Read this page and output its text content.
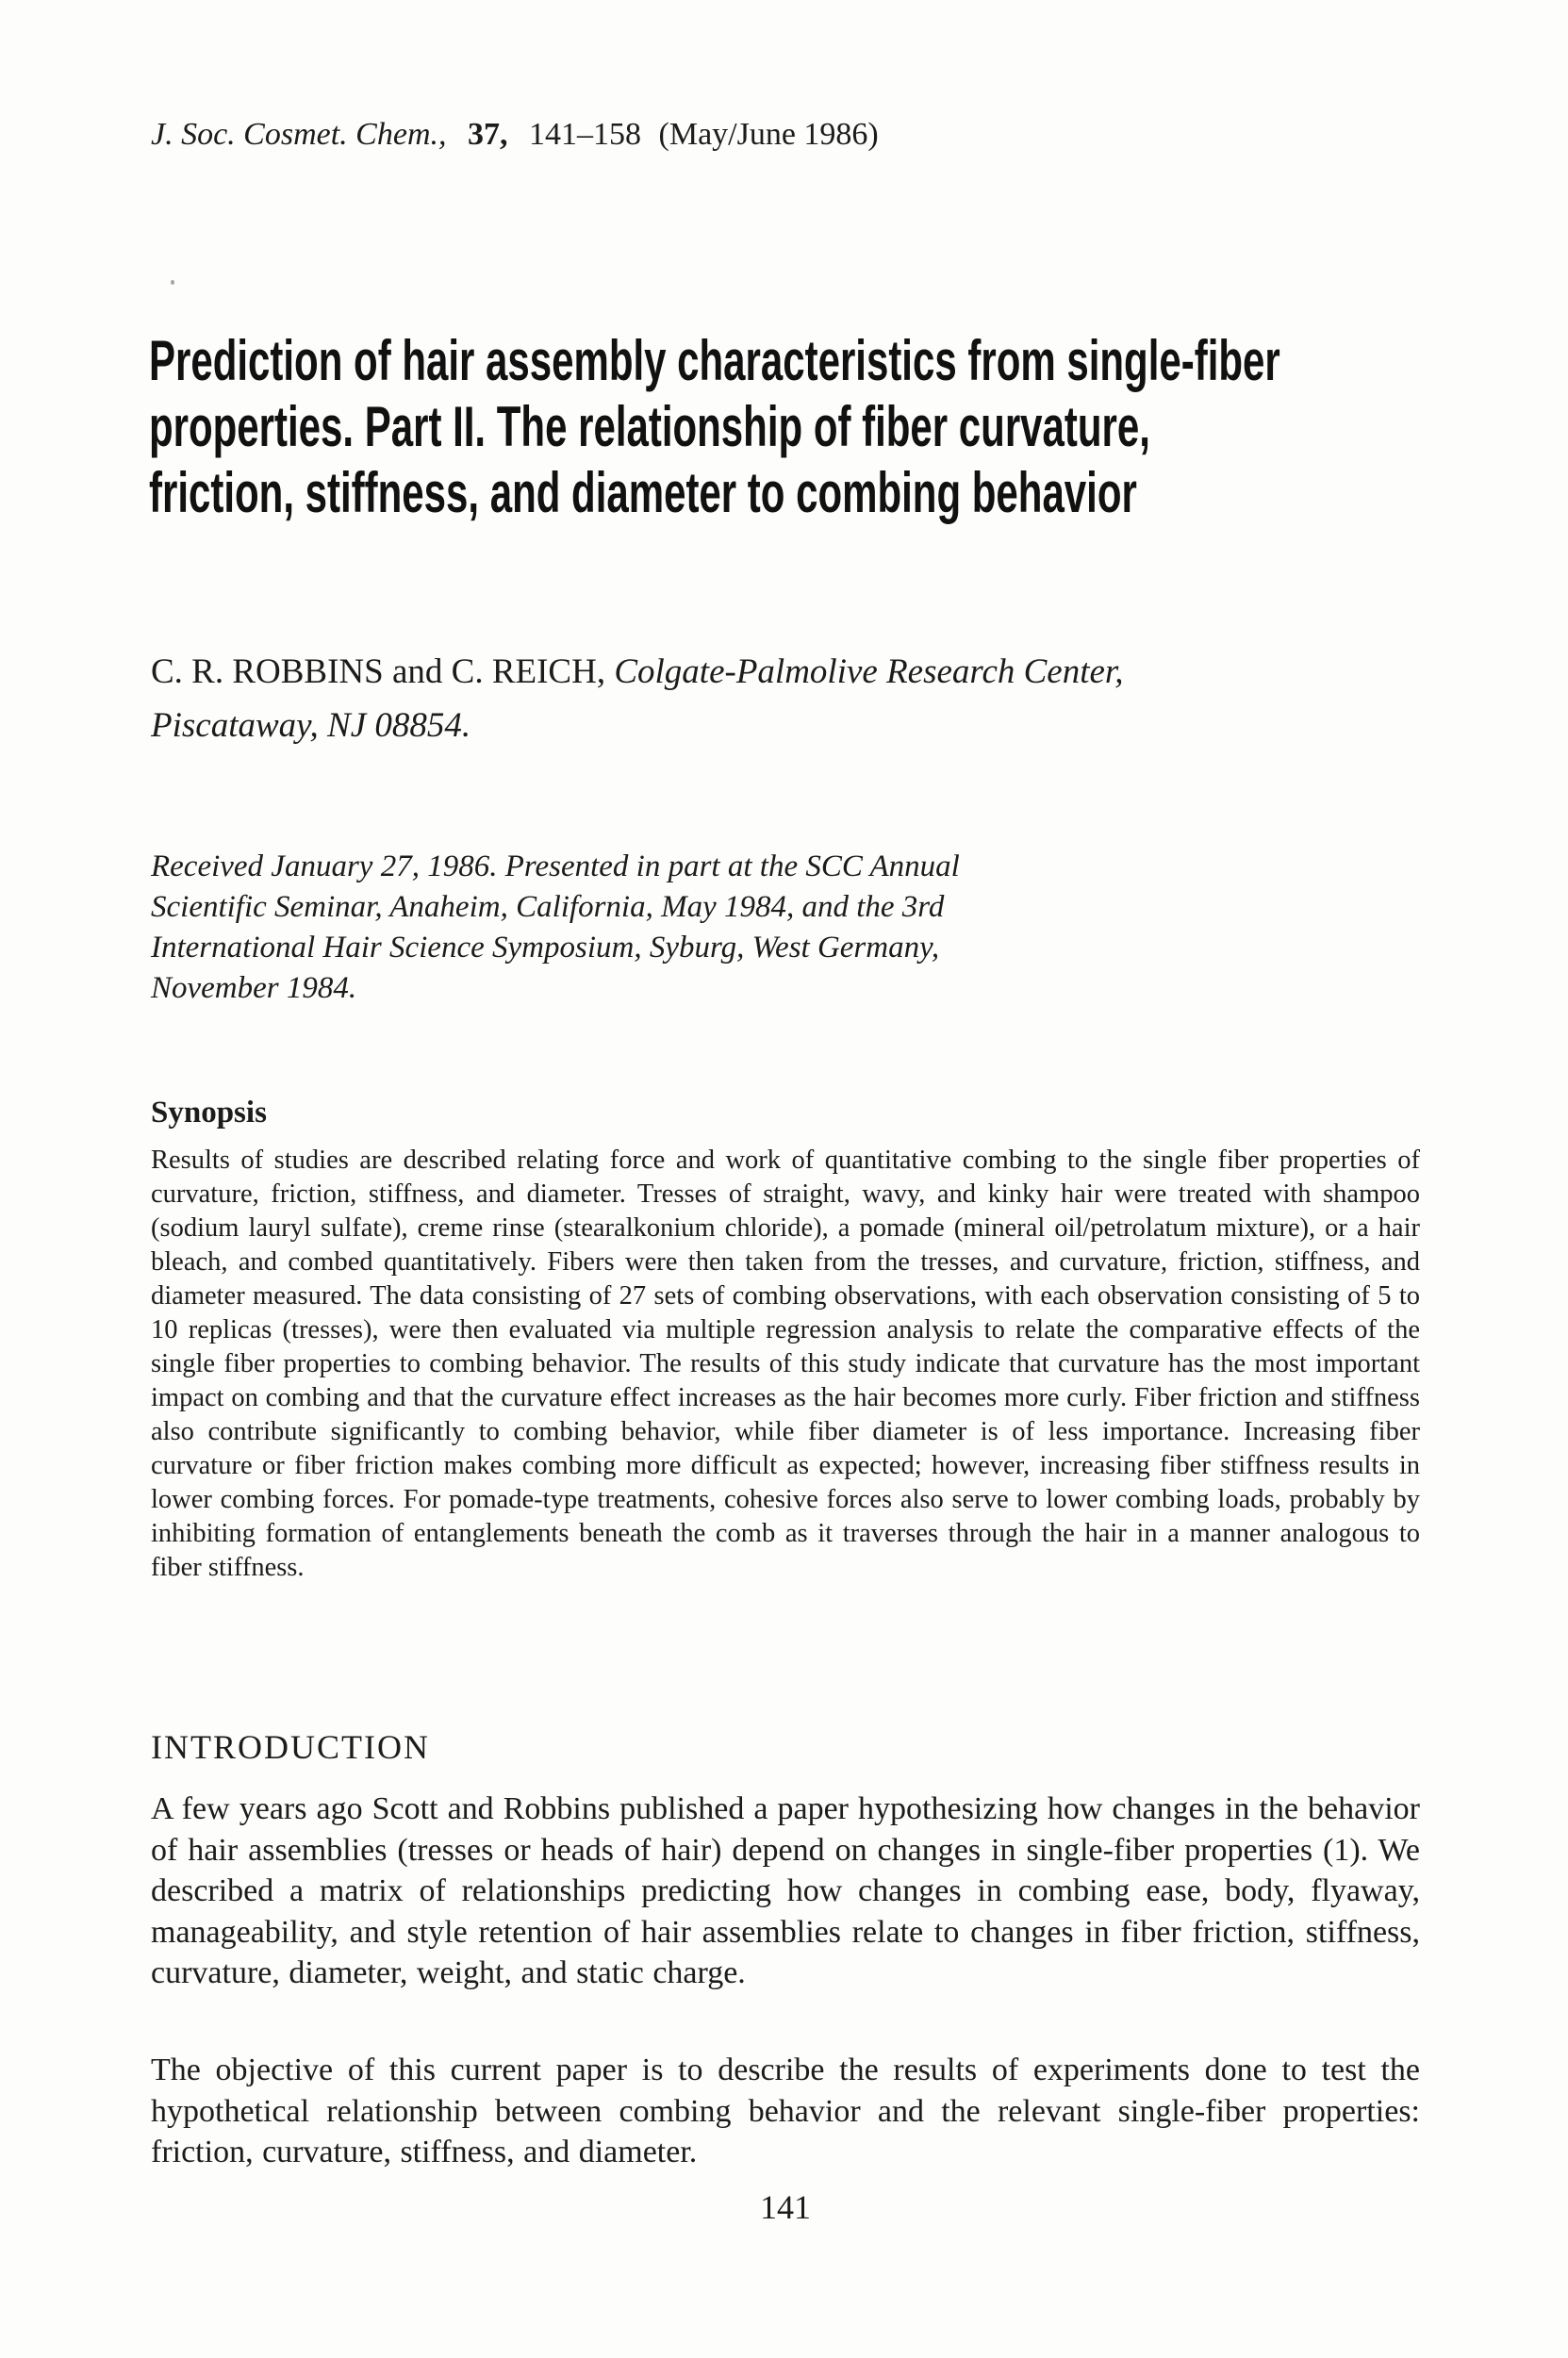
J. Soc. Cosmet. Chem., 37, 141–158 (May/June 1986)
Prediction of hair assembly characteristics from single-fiber
properties. Part II. The relationship of fiber curvature,
friction, stiffness, and diameter to combing behavior
C. R. ROBBINS and C. REICH, Colgate-Palmolive Research Center,
Piscataway, NJ 08854.
Received January 27, 1986. Presented in part at the SCC Annual
Scientific Seminar, Anaheim, California, May 1984, and the 3rd
International Hair Science Symposium, Syburg, West Germany,
November 1984.
Synopsis
Results of studies are described relating force and work of quantitative combing to the single fiber properties of curvature, friction, stiffness, and diameter. Tresses of straight, wavy, and kinky hair were treated with shampoo (sodium lauryl sulfate), creme rinse (stearalkonium chloride), a pomade (mineral oil/petrolatum mixture), or a hair bleach, and combed quantitatively. Fibers were then taken from the tresses, and curvature, friction, stiffness, and diameter measured. The data consisting of 27 sets of combing observations, with each observation consisting of 5 to 10 replicas (tresses), were then evaluated via multiple regression analysis to relate the comparative effects of the single fiber properties to combing behavior. The results of this study indicate that curvature has the most important impact on combing and that the curvature effect increases as the hair becomes more curly. Fiber friction and stiffness also contribute significantly to combing behavior, while fiber diameter is of less importance. Increasing fiber curvature or fiber friction makes combing more difficult as expected; however, increasing fiber stiffness results in lower combing forces. For pomade-type treatments, cohesive forces also serve to lower combing loads, probably by inhibiting formation of entanglements beneath the comb as it traverses through the hair in a manner analogous to fiber stiffness.
INTRODUCTION
A few years ago Scott and Robbins published a paper hypothesizing how changes in the behavior of hair assemblies (tresses or heads of hair) depend on changes in single-fiber properties (1). We described a matrix of relationships predicting how changes in combing ease, body, flyaway, manageability, and style retention of hair assemblies relate to changes in fiber friction, stiffness, curvature, diameter, weight, and static charge.
The objective of this current paper is to describe the results of experiments done to test the hypothetical relationship between combing behavior and the relevant single-fiber properties: friction, curvature, stiffness, and diameter.
141
